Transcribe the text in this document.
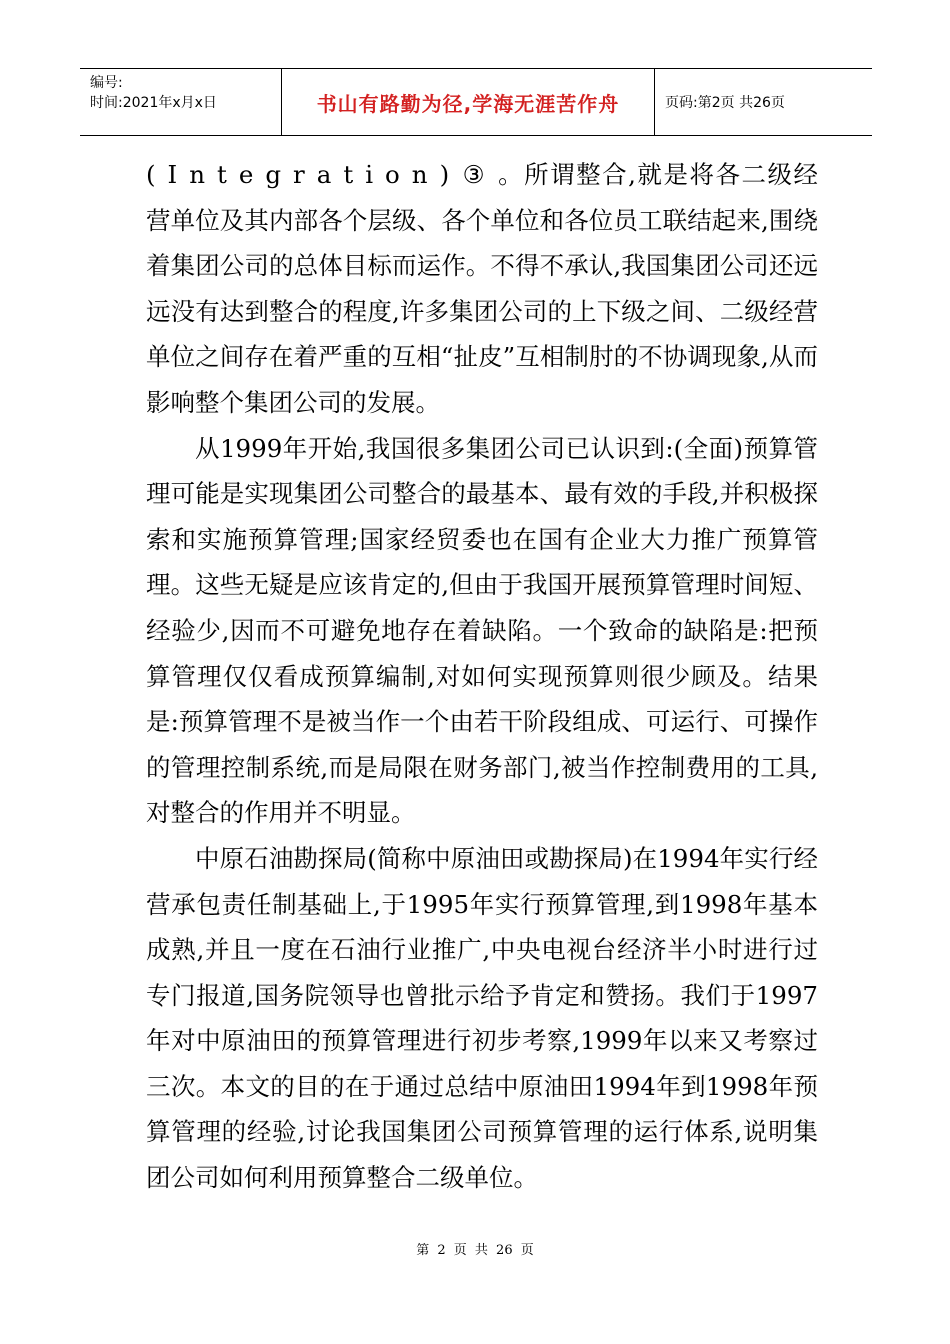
编号:
时间:2021年x月x日	书山有路勤为径,学海无涯苦作舟	页码:第2页 共26页

(Integration)③。所谓整合,就是将各二级经营单位及其内部各个层级、各个单位和各位员工联结起来,围绕着集团公司的总体目标而运作。不得不承认,我国集团公司还远远没有达到整合的程度,许多集团公司的上下级之间、二级经营单位之间存在着严重的互相“扯皮”互相制肘的不协调现象,从而影响整个集团公司的发展。

从1999年开始,我国很多集团公司已认识到:(全面)预算管理可能是实现集团公司整合的最基本、最有效的手段,并积极探索和实施预算管理;国家经贸委也在国有企业大力推广预算管理。这些无疑是应该肯定的,但由于我国开展预算管理时间短、经验少,因而不可避免地存在着缺陷。一个致命的缺陷是:把预算管理仅仅看成预算编制,对如何实现预算则很少顾及。结果是:预算管理不是被当作一个由若干阶段组成、可运行、可操作的管理控制系统,而是局限在财务部门,被当作控制费用的工具,对整合的作用并不明显。

中原石油勘探局(简称中原油田或勘探局)在1994年实行经营承包责任制基础上,于1995年实行预算管理,到1998年基本成熟,并且一度在石油行业推广,中央电视台经济半小时进行过专门报道,国务院领导也曾批示给予肯定和赞扬。我们于1997年对中原油田的预算管理进行初步考察,1999年以来又考察过三次。本文的目的在于通过总结中原油田1994年到1998年预算管理的经验,讨论我国集团公司预算管理的运行体系,说明集团公司如何利用预算整合二级单位。

第 2 页 共 26 页
